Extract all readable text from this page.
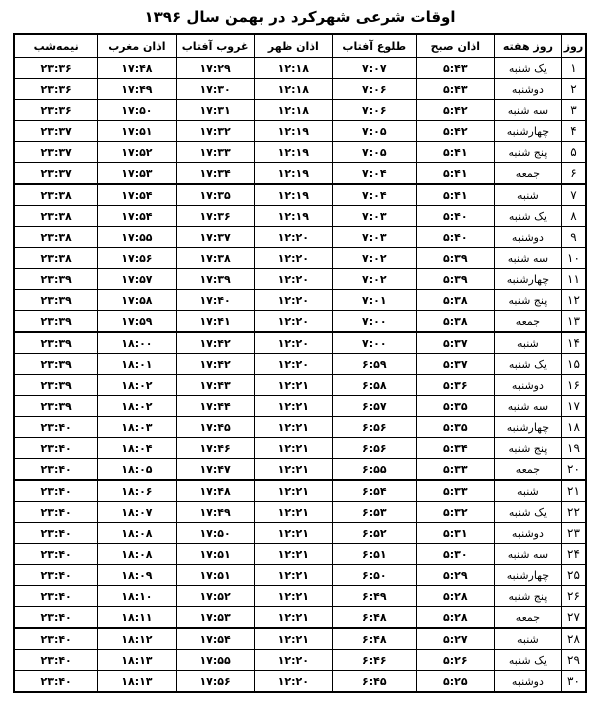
اوقات شرعی شهرکرد در بهمن سال ۱۳۹۶
روز	روز هفته	اذان صبح	طلوع آفتاب	اذان ظهر	غروب آفتاب	اذان مغرب	نیمه‌شب
۱	یک شنبه	۵:۴۳	۷:۰۷	۱۲:۱۸	۱۷:۲۹	۱۷:۴۸	۲۳:۳۶
۲	دوشنبه	۵:۴۳	۷:۰۶	۱۲:۱۸	۱۷:۳۰	۱۷:۴۹	۲۳:۳۶
۳	سه شنبه	۵:۴۲	۷:۰۶	۱۲:۱۸	۱۷:۳۱	۱۷:۵۰	۲۳:۳۶
۴	چهارشنبه	۵:۴۲	۷:۰۵	۱۲:۱۹	۱۷:۳۲	۱۷:۵۱	۲۳:۳۷
۵	پنج شنبه	۵:۴۱	۷:۰۵	۱۲:۱۹	۱۷:۳۳	۱۷:۵۲	۲۳:۳۷
۶	جمعه	۵:۴۱	۷:۰۴	۱۲:۱۹	۱۷:۳۴	۱۷:۵۳	۲۳:۳۷
۷	شنبه	۵:۴۱	۷:۰۴	۱۲:۱۹	۱۷:۳۵	۱۷:۵۴	۲۳:۳۸
۸	یک شنبه	۵:۴۰	۷:۰۳	۱۲:۱۹	۱۷:۳۶	۱۷:۵۴	۲۳:۳۸
۹	دوشنبه	۵:۴۰	۷:۰۳	۱۲:۲۰	۱۷:۳۷	۱۷:۵۵	۲۳:۳۸
۱۰	سه شنبه	۵:۳۹	۷:۰۲	۱۲:۲۰	۱۷:۳۸	۱۷:۵۶	۲۳:۳۸
۱۱	چهارشنبه	۵:۳۹	۷:۰۲	۱۲:۲۰	۱۷:۳۹	۱۷:۵۷	۲۳:۳۹
۱۲	پنج شنبه	۵:۳۸	۷:۰۱	۱۲:۲۰	۱۷:۴۰	۱۷:۵۸	۲۳:۳۹
۱۳	جمعه	۵:۳۸	۷:۰۰	۱۲:۲۰	۱۷:۴۱	۱۷:۵۹	۲۳:۳۹
۱۴	شنبه	۵:۳۷	۷:۰۰	۱۲:۲۰	۱۷:۴۲	۱۸:۰۰	۲۳:۳۹
۱۵	یک شنبه	۵:۳۷	۶:۵۹	۱۲:۲۰	۱۷:۴۲	۱۸:۰۱	۲۳:۳۹
۱۶	دوشنبه	۵:۳۶	۶:۵۸	۱۲:۲۱	۱۷:۴۳	۱۸:۰۲	۲۳:۳۹
۱۷	سه شنبه	۵:۳۵	۶:۵۷	۱۲:۲۱	۱۷:۴۴	۱۸:۰۲	۲۳:۳۹
۱۸	چهارشنبه	۵:۳۵	۶:۵۶	۱۲:۲۱	۱۷:۴۵	۱۸:۰۳	۲۳:۴۰
۱۹	پنج شنبه	۵:۳۴	۶:۵۶	۱۲:۲۱	۱۷:۴۶	۱۸:۰۴	۲۳:۴۰
۲۰	جمعه	۵:۳۳	۶:۵۵	۱۲:۲۱	۱۷:۴۷	۱۸:۰۵	۲۳:۴۰
۲۱	شنبه	۵:۳۳	۶:۵۴	۱۲:۲۱	۱۷:۴۸	۱۸:۰۶	۲۳:۴۰
۲۲	یک شنبه	۵:۳۲	۶:۵۳	۱۲:۲۱	۱۷:۴۹	۱۸:۰۷	۲۳:۴۰
۲۳	دوشنبه	۵:۳۱	۶:۵۲	۱۲:۲۱	۱۷:۵۰	۱۸:۰۸	۲۳:۴۰
۲۴	سه شنبه	۵:۳۰	۶:۵۱	۱۲:۲۱	۱۷:۵۱	۱۸:۰۸	۲۳:۴۰
۲۵	چهارشنبه	۵:۲۹	۶:۵۰	۱۲:۲۱	۱۷:۵۱	۱۸:۰۹	۲۳:۴۰
۲۶	پنج شنبه	۵:۲۸	۶:۴۹	۱۲:۲۱	۱۷:۵۲	۱۸:۱۰	۲۳:۴۰
۲۷	جمعه	۵:۲۸	۶:۴۸	۱۲:۲۱	۱۷:۵۳	۱۸:۱۱	۲۳:۴۰
۲۸	شنبه	۵:۲۷	۶:۴۸	۱۲:۲۱	۱۷:۵۴	۱۸:۱۲	۲۳:۴۰
۲۹	یک شنبه	۵:۲۶	۶:۴۶	۱۲:۲۰	۱۷:۵۵	۱۸:۱۳	۲۳:۴۰
۳۰	دوشنبه	۵:۲۵	۶:۴۵	۱۲:۲۰	۱۷:۵۶	۱۸:۱۳	۲۳:۴۰
